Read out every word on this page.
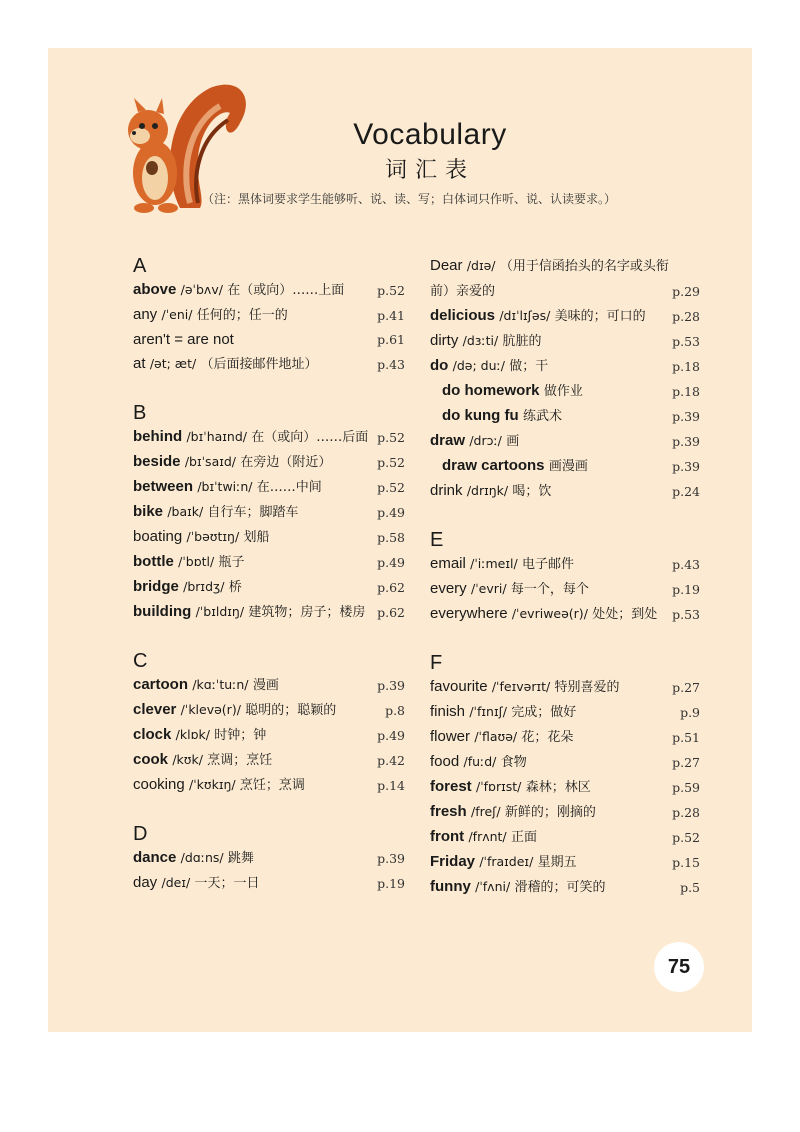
Vocabulary
词汇表
（注：黑体词要求学生能够听、说、读、写；白体词只作听、说、认读要求。）
A
above /əˈbʌv/ 在（或向）……上面	p.52
any /ˈeni/ 任何的；任一的	p.41
aren't = are not	p.61
at /ət; æt/ （后面接邮件地址）	p.43
B
behind /bɪˈhaɪnd/ 在（或向）……后面 p.52
beside /bɪˈsaɪd/ 在旁边（附近）	p.52
between /bɪˈtwiːn/ 在……中间	p.52
bike /baɪk/ 自行车；脚踏车	p.49
boating /ˈbəʊtɪŋ/ 划船	p.58
bottle /ˈbɒtl/ 瓶子	p.49
bridge /brɪdʒ/ 桥	p.62
building /ˈbɪldɪŋ/ 建筑物；房子；楼房 p.62
C
cartoon /kɑːˈtuːn/ 漫画	p.39
clever /ˈklevə(r)/ 聪明的；聪颖的	p.8
clock /klɒk/ 时钟；钟	p.49
cook /kʊk/ 烹调；烹饪	p.42
cooking /ˈkʊkɪŋ/ 烹饪；烹调	p.14
D
dance /dɑːns/ 跳舞	p.39
day /deɪ/ 一天；一日	p.19
Dear /dɪə/ （用于信函抬头的名字或头衔前）亲爱的	p.29
delicious /dɪˈlɪʃəs/ 美味的；可口的 p.28
dirty /dɜːti/ 肮脏的	p.53
do /də; duː/ 做；干	p.18
do homework 做作业	p.18
do kung fu 练武术	p.39
draw /drɔː/ 画	p.39
draw cartoons 画漫画	p.39
drink /drɪŋk/ 喝；饮	p.24
E
email /ˈiːmeɪl/ 电子邮件	p.43
every /ˈevri/ 每一个，每个	p.19
everywhere /ˈevriweə(r)/ 处处；到处 p.53
F
favourite /ˈfeɪvərɪt/ 特别喜爱的	p.27
finish /ˈfɪnɪʃ/ 完成；做好	p.9
flower /ˈflaʊə/ 花；花朵	p.51
food /fuːd/ 食物	p.27
forest /ˈfɒrɪst/ 森林；林区	p.59
fresh /freʃ/ 新鲜的；刚摘的	p.28
front /frʌnt/ 正面	p.52
Friday /ˈfraɪdeɪ/ 星期五	p.15
funny /ˈfʌni/ 滑稽的；可笑的	p.5
75
